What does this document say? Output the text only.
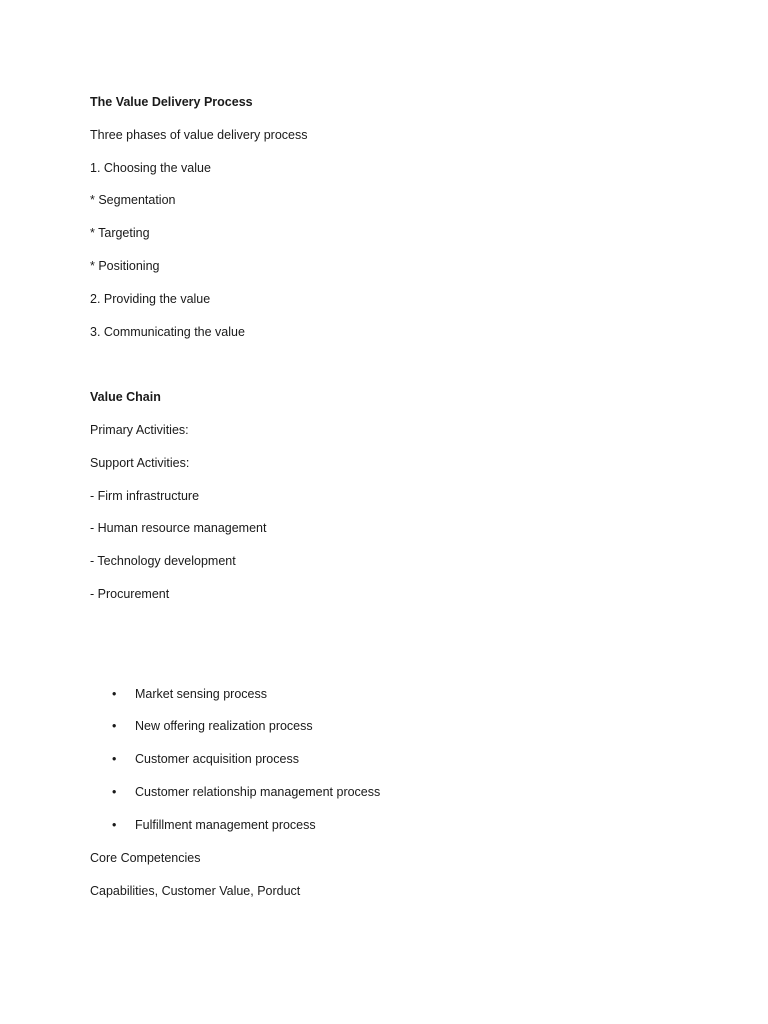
The Value Delivery Process
Three phases of value delivery process
1. Choosing the value
* Segmentation
* Targeting
* Positioning
2. Providing the value
3. Communicating the value
Value Chain
Primary Activities:
Support Activities:
- Firm infrastructure
- Human resource management
- Technology development
- Procurement
• Market sensing process
• New offering realization process
• Customer acquisition process
• Customer relationship management process
• Fulfillment management process
Core Competencies
Capabilities, Customer Value, Porduct
